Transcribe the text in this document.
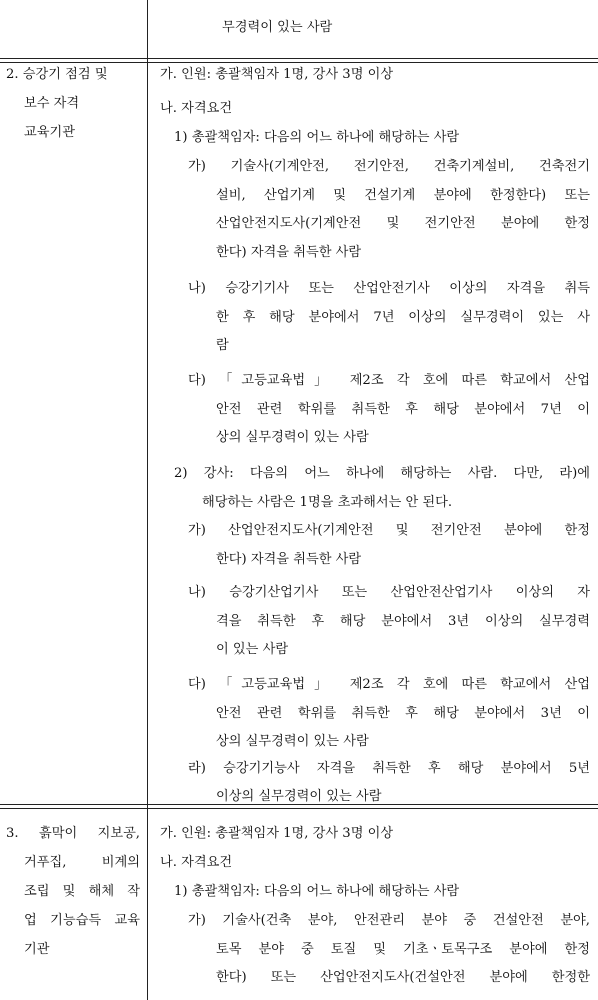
무경력이 있는 사람
2. 승강기 점검 및
보수 자격
교육기관
가. 인원: 총괄책임자 1명, 강사 3명 이상
나. 자격요건
1) 총괄책임자: 다음의 어느 하나에 해당하는 사람
가) 기술사(기계안전, 전기안전, 건축기계설비, 건축전기
설비, 산업기계 및 건설기계 분야에 한정한다) 또는
산업안전지도사(기계안전 및 전기안전 분야에 한정
한다) 자격을 취득한 사람
나) 승강기기사 또는 산업안전기사 이상의 자격을 취득
한 후 해당 분야에서 7년 이상의 실무경력이 있는 사
람
다) 「고등교육법」 제2조 각 호에 따른 학교에서 산업
안전 관련 학위를 취득한 후 해당 분야에서 7년 이
상의 실무경력이 있는 사람
2) 강사: 다음의 어느 하나에 해당하는 사람. 다만, 라)에
해당하는 사람은 1명을 초과해서는 안 된다.
가) 산업안전지도사(기계안전 및 전기안전 분야에 한정
한다) 자격을 취득한 사람
나) 승강기산업기사 또는 산업안전산업기사 이상의 자
격을 취득한 후 해당 분야에서 3년 이상의 실무경력
이 있는 사람
다) 「고등교육법」 제2조 각 호에 따른 학교에서 산업
안전 관련 학위를 취득한 후 해당 분야에서 3년 이
상의 실무경력이 있는 사람
라) 승강기기능사 자격을 취득한 후 해당 분야에서 5년
이상의 실무경력이 있는 사람
3. 흙막이 지보공,
거푸집, 비계의
조립 및 해체 작
업 기능습득 교육
기관
가. 인원: 총괄책임자 1명, 강사 3명 이상
나. 자격요건
1) 총괄책임자: 다음의 어느 하나에 해당하는 사람
가) 기술사(건축 분야, 안전관리 분야 중 건설안전 분야,
토목 분야 중 토질 및 기초ㆍ토목구조 분야에 한정
한다) 또는 산업안전지도사(건설안전 분야에 한정한
